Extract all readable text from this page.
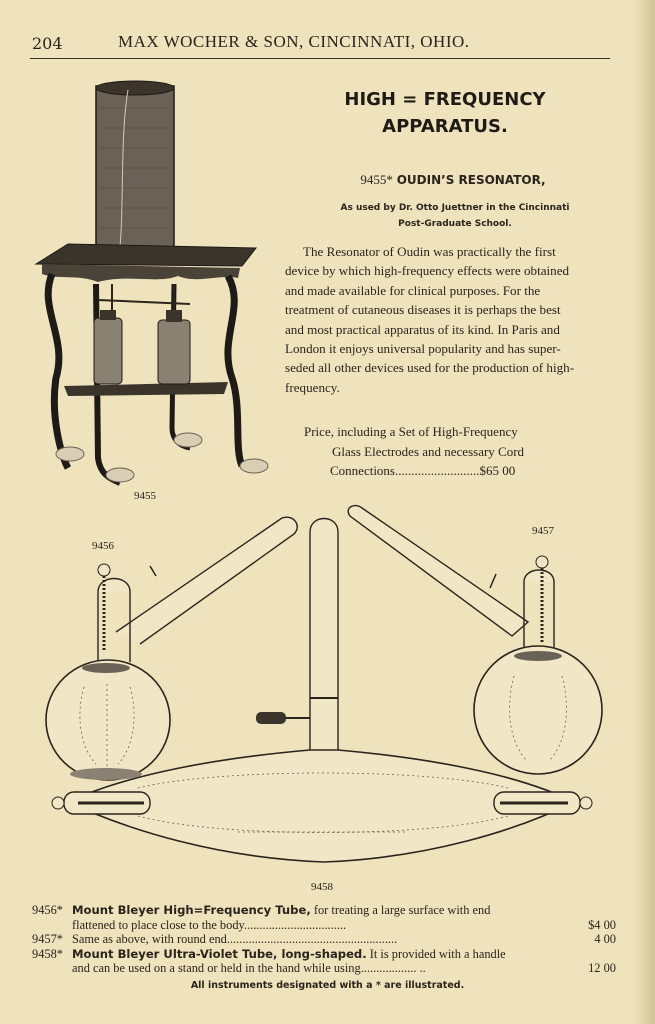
204	MAX WOCHER & SON, CINCINNATI, OHIO.
HIGH = FREQUENCY
APPARATUS.
9455* OUDIN’S RESONATOR,
As used by Dr. Otto Juettner in the Cincinnati
Post-Graduate School.
The Resonator of Oudin was practically the first
device by which high-frequency effects were obtained
and made available for clinical purposes. For the
treatment of cutaneous diseases it is perhaps the best
and most practical apparatus of its kind. In Paris and
London it enjoys universal popularity and has super-
seded all other devices used for the production of high-
frequency.
Price, including a Set of High-Frequency
Glass Electrodes and necessary Cord
Connections..........................$65 00
9455
9456
9457
9458
9456* Mount Bleyer High=Frequency Tube, for treating a large surface with end
flattened to place close to the body.................................	$4 00
9457* Same as above, with round end.......................................................	4 00
9458* Mount Bleyer Ultra-Violet Tube, long-shaped. It is provided with a handle
and can be used on a stand or held in the hand while using.................. ..	12 00
All instruments designated with a * are illustrated.
